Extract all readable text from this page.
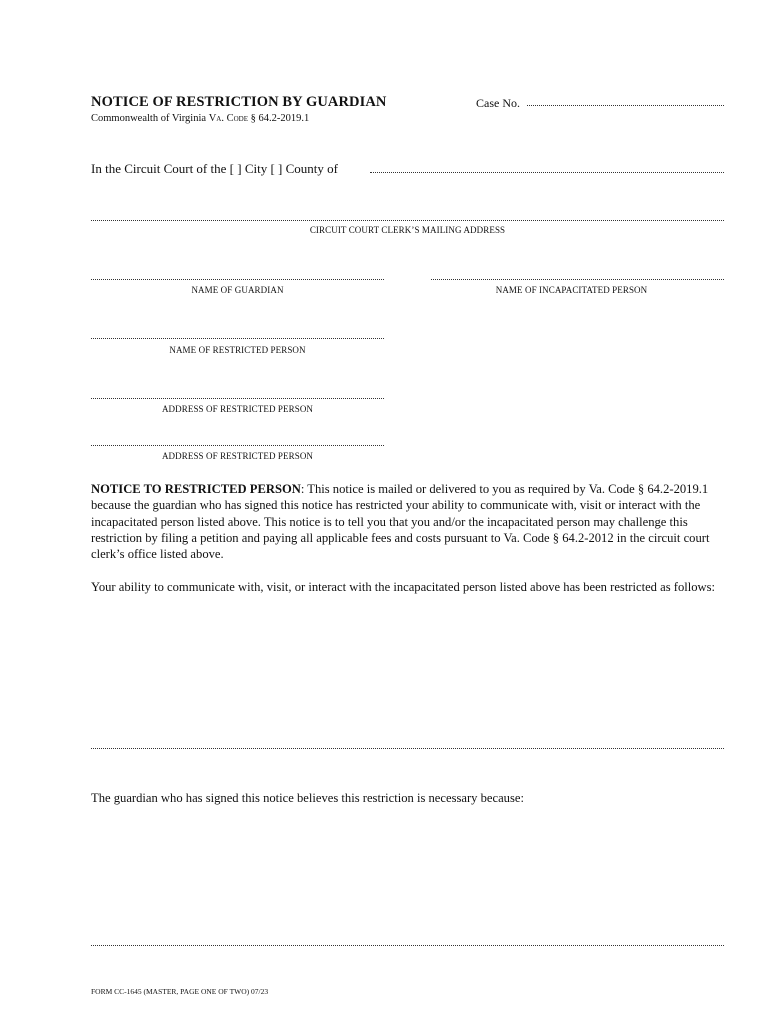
NOTICE OF RESTRICTION BY GUARDIAN
Commonwealth of Virginia Va. Code § 64.2-2019.1
Case No.
In the Circuit Court of the [ ] City [ ] County of
CIRCUIT COURT CLERK’S MAILING ADDRESS
NAME OF GUARDIAN	NAME OF INCAPACITATED PERSON
NAME OF RESTRICTED PERSON
ADDRESS OF RESTRICTED PERSON
ADDRESS OF RESTRICTED PERSON
NOTICE TO RESTRICTED PERSON: This notice is mailed or delivered to you as required by Va. Code § 64.2-2019.1 because the guardian who has signed this notice has restricted your ability to communicate with, visit or interact with the incapacitated person listed above. This notice is to tell you that you and/or the incapacitated person may challenge this restriction by filing a petition and paying all applicable fees and costs pursuant to Va. Code § 64.2-2012 in the circuit court clerk’s office listed above.
Your ability to communicate with, visit, or interact with the incapacitated person listed above has been restricted as follows:
The guardian who has signed this notice believes this restriction is necessary because:
FORM CC-1645 (MASTER, PAGE ONE OF TWO) 07/23
